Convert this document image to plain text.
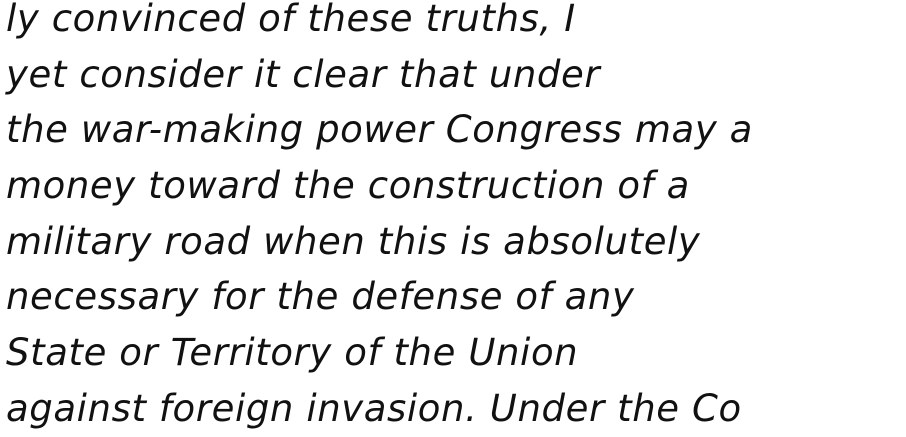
ly convinced of these truths, I
yet consider it clear that under
the war-making power Congress may a
money toward the construction of a
military road when this is absolutely
necessary for the defense of any
State or Territory of the Union
against foreign invasion. Under the Co
